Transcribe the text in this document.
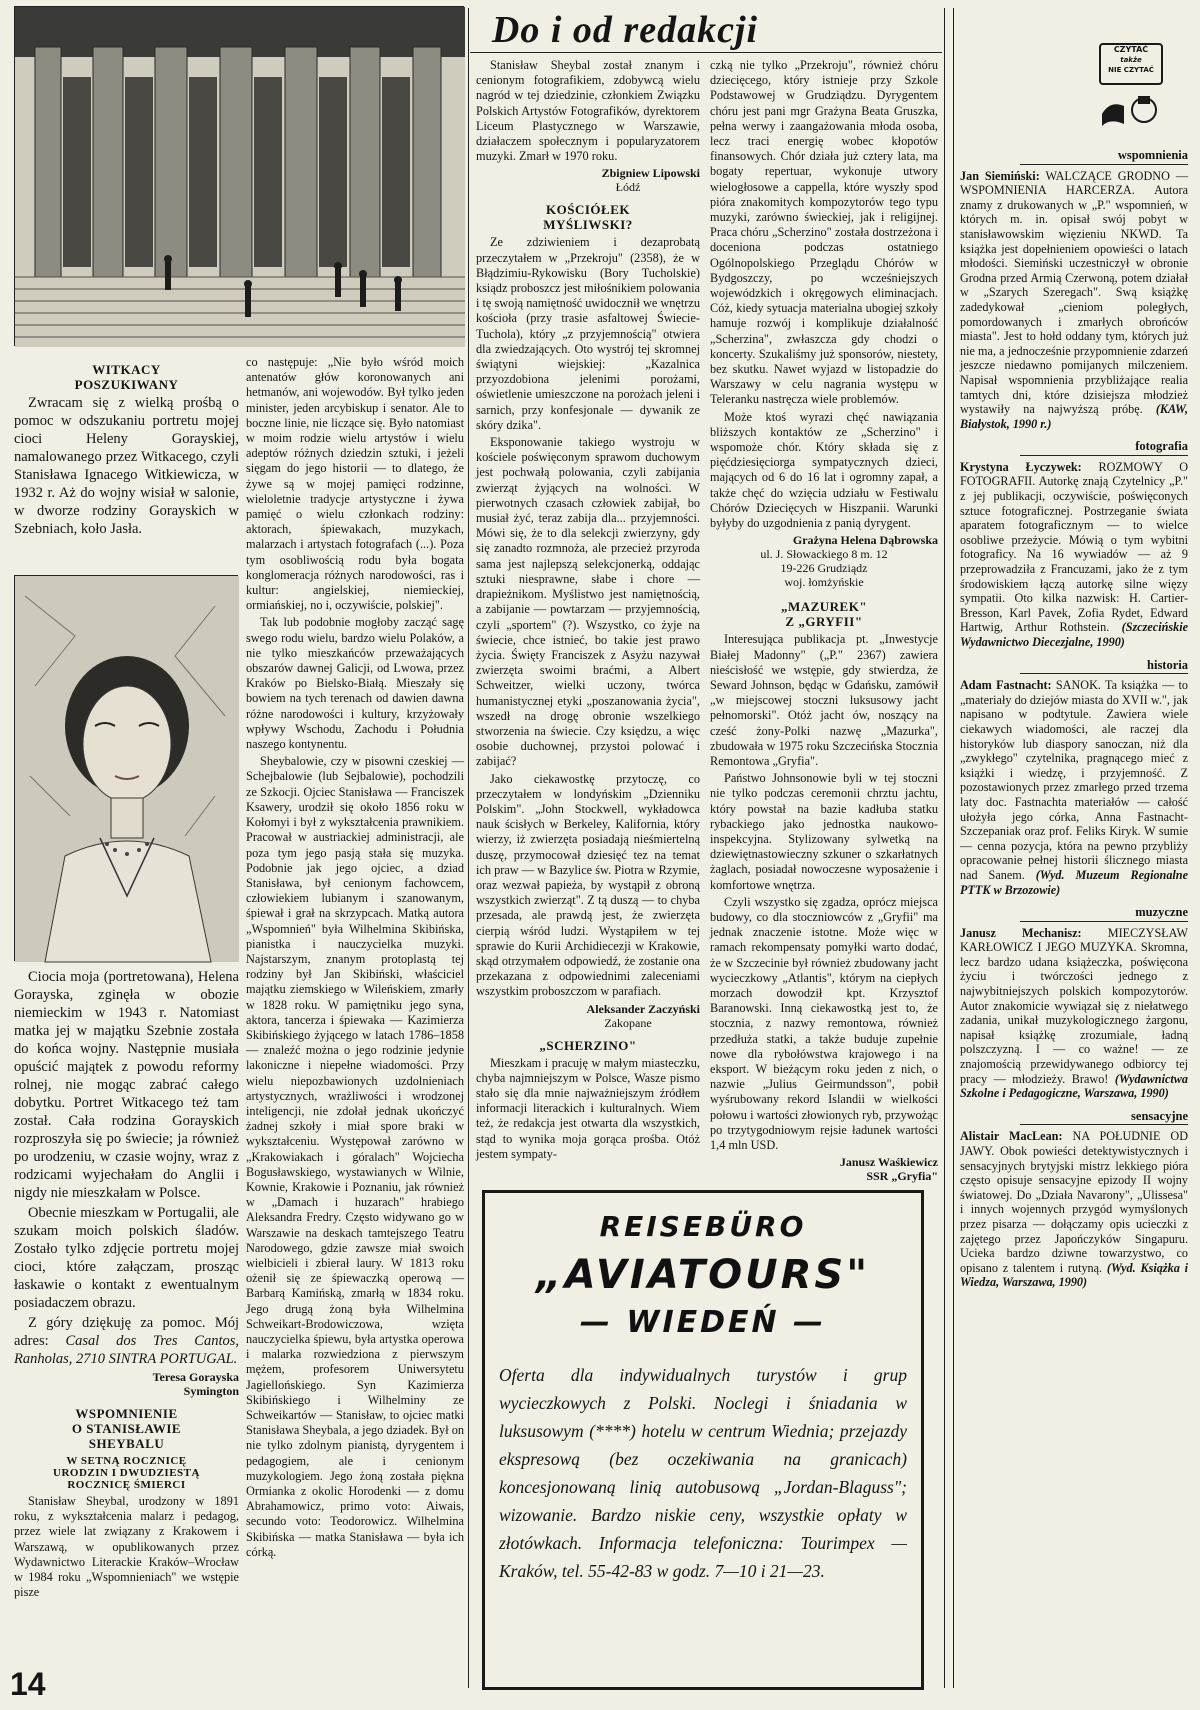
Do i od redakcji
WITKACY
POSZUKIWANY

Zwracam się z wielką prośbą o pomoc w odszukaniu portretu mojej cioci Heleny Gorayskiej, namalowanego przez Witkacego, czyli Stanisława Ignacego Witkiewicza, w 1932 r. Aż do wojny wisiał w salonie, w dworze rodziny Gorayskich w Szebniach, koło Jasła.

Ciocia moja (portretowana), Helena Gorayska, zginęła w obozie niemieckim w 1943 r. Natomiast matka jej w majątku Szebnie została do końca wojny. Następnie musiała opuścić majątek z powodu reformy rolnej, nie mogąc zabrać całego dobytku. Portret Witkacego też tam został. Cała rodzina Gorayskich rozproszyła się po świecie; ja również po urodzeniu, w czasie wojny, wraz z rodzicami wyjechałam do Anglii i nigdy nie mieszkałam w Polsce.

Obecnie mieszkam w Portugalii, ale szukam moich polskich śladów. Zostało tylko zdjęcie portretu mojej cioci, które załączam, prosząc łaskawie o kontakt z ewentualnym posiadaczem obrazu.

Z góry dziękuję za pomoc. Mój adres: Casal dos Tres Cantos, Ranholas, 2710 SINTRA PORTUGAL.

Teresa Gorayska
Symington
WSPOMNIENIE
O STANISŁAWIE
SHEYBALU
W SETNĄ ROCZNICĘ
URODZIN I DWUDZIESTĄ
ROCZNICĘ ŚMIERCI

Stanisław Sheybal, urodzony w 1891 roku, z wykształcenia malarz i pedagog, przez wiele lat związany z Krakowem i Warszawą, w opublikowanych przez Wydawnictwo Literackie Kraków–Wrocław w 1984 roku „Wspomnieniach" we wstępie pisze

co następuje: „Nie było wśród moich antenatów głów koronowanych ani hetmanów, ani wojewodów. Był tylko jeden minister, jeden arcybiskup i senator. Ale to boczne linie, nie liczące się. Było natomiast w moim rodzie wielu artystów i wielu adeptów różnych dziedzin sztuki, i jeżeli sięgam do jego historii — to dlatego, że żywe są w mojej pamięci rodzinne, wieloletnie tradycje artystyczne i żywa pamięć o wielu członkach rodziny: aktorach, śpiewakach, muzykach, malarzach i artystach fotografach (...). Poza tym osobliwością rodu była bogata konglomeracja różnych narodowości, ras i kultur: angielskiej, niemieckiej, ormiańskiej, no i, oczywiście, polskiej".

Tak lub podobnie mogłoby zacząć sagę swego rodu wielu, bardzo wielu Polaków, a nie tylko mieszkańców przeważających obszarów dawnej Galicji, od Lwowa, przez Kraków po Bielsko-Białą. Mieszały się bowiem na tych terenach od dawien dawna różne narodowości i kultury, krzyżowały wpływy Wschodu, Zachodu i Południa naszego kontynentu.

Sheybalowie, czy w pisowni czeskiej — Schejbalowie (lub Sejbalowie), pochodzili ze Szkocji. Ojciec Stanisława — Franciszek Ksawery, urodził się około 1856 roku w Kołomyi i był z wykształcenia prawnikiem. Pracował w austriackiej administracji, ale poza tym jego pasją stała się muzyka. Podobnie jak jego ojciec, a dziad Stanisława, był cenionym fachowcem, człowiekiem lubianym i szanowanym, śpiewał i grał na skrzypcach. Matką autora „Wspomnień" była Wilhelmina Skibińska, pianistka i nauczycielka muzyki. Najstarszym, znanym protoplastą tej rodziny był Jan Skibiński, właściciel majątku ziemskiego w Wileńskiem, zmarły w 1828 roku. W pamiętniku jego syna, aktora, tancerza i śpiewaka — Kazimierza Skibińskiego żyjącego w latach 1786–1858 — znaleźć można o jego rodzinie jedynie lakoniczne i niepełne wiadomości. Przy wielu niepozbawionych uzdolnieniach artystycznych, wrażliwości i wrodzonej inteligencji, nie zdołał jednak ukończyć żadnej szkoły i miał spore braki w wykształceniu. Występował zarówno w „Krakowiakach i góralach" Wojciecha Bogusławskiego, wystawianych w Wilnie, Kownie, Krakowie i Poznaniu, jak również w „Damach i huzarach" hrabiego Aleksandra Fredry. Często widywano go w Warszawie na deskach tamtejszego Teatru Narodowego, gdzie zawsze miał swoich wielbicieli i zbierał laury. W 1813 roku ożenił się ze śpiewaczką operową — Barbarą Kamińską, zmarłą w 1834 roku. Jego drugą żoną była Wilhelmina Schweikart-Brodowiczowa, wzięta nauczycielka śpiewu, była artystka operowa i malarka rozwiedziona z pierwszym mężem, profesorem Uniwersytetu Jagiellońskiego. Syn Kazimierza Skibińskiego i Wilhelminy ze Schweikartów — Stanisław, to ojciec matki Stanisława Sheybala, a jego dziadek. Był on nie tylko zdolnym pianistą, dyrygentem i pedagogiem, ale i cenionym muzykologiem. Jego żoną została piękna Ormianka z okolic Horodenki — z domu Abrahamowicz, primo voto: Aiwais, secundo voto: Teodorowicz. Wilhelmina Skibińska — matka Stanisława — była ich córką.

Stanisław Sheybal został znanym i cenionym fotografikiem, zdobywcą wielu nagród w tej dziedzinie, członkiem Związku Polskich Artystów Fotografików, dyrektorem Liceum Plastycznego w Warszawie, działaczem społecznym i popularyzatorem muzyki. Zmarł w 1970 roku.

Zbigniew Lipowski
Łódź
KOŚCIÓŁEK
MYŚLIWSKI?

Ze zdziwieniem i dezaprobatą przeczytałem w „Przekroju" (2358), że w Błądzimiu-Rykowisku (Bory Tucholskie) ksiądz proboszcz jest miłośnikiem polowania i tę swoją namiętność uwidocznił we wnętrzu kościoła (przy trasie asfaltowej Świecie-Tuchola), który „z przyjemnością" otwiera dla zwiedzających. Oto wystrój tej skromnej świątyni wiejskiej: „Kazalnica przyozdobiona jelenimi porożami, oświetlenie umieszczone na porożach jeleni i sarnich, przy konfesjonale — dywanik ze skóry dzika".

Eksponowanie takiego wystroju w kościele poświęconym sprawom duchowym jest pochwałą polowania, czyli zabijania zwierząt żyjących na wolności. W pierwotnych czasach człowiek zabijał, bo musiał żyć, teraz zabija dla... przyjemności. Mówi się, że to dla selekcji zwierzyny, gdy się zanadto rozmnoża, ale przecież przyroda sama jest najlepszą selekcjonerką, oddając sztuki niesprawne, słabe i chore — drapieżnikom. Myślistwo jest namiętnością, a zabijanie — powtarzam — przyjemnością, czyli „sportem" (?). Wszystko, co żyje na świecie, chce istnieć, bo takie jest prawo życia. Święty Franciszek z Asyżu nazywał zwierzęta swoimi braćmi, a Albert Schweitzer, wielki uczony, twórca humanistycznej etyki „poszanowania życia", wszedł na drogę obronie wszelkiego stworzenia na świecie. Czy księdzu, a więc osobie duchownej, przystoi polować i zabijać?

Jako ciekawostkę przytoczę, co przeczytałem w londyńskim „Dzienniku Polskim". „John Stockwell, wykładowca nauk ścisłych w Berkeley, Kalifornia, który wierzy, iż zwierzęta posiadają nieśmiertelną duszę, przymocował dziesięć tez na temat ich praw — w Bazylice św. Piotra w Rzymie, oraz wezwał papieża, by wystąpił z obroną wszystkich zwierząt". Z tą duszą — to chyba przesada, ale prawdą jest, że zwierzęta cierpią wśród ludzi. Wystąpiłem w tej sprawie do Kurii Archidiecezji w Krakowie, skąd otrzymałem odpowiedź, że zostanie ona przekazana z odpowiednimi zaleceniami wszystkim proboszczom w parafiach.

Aleksander Zaczyński
Zakopane
„SCHERZINO"

Mieszkam i pracuję w małym miasteczku, chyba najmniejszym w Polsce, Wasze pismo stało się dla mnie najważniejszym źródłem informacji literackich i kulturalnych. Wiem też, że redakcja jest otwarta dla wszystkich, stąd to wynika moja gorąca prośba. Otóż jestem sympaty-

czką nie tylko „Przekroju", również chóru dziecięcego, który istnieje przy Szkole Podstawowej w Grudziądzu. Dyrygentem chóru jest pani mgr Grażyna Beata Gruszka, pełna werwy i zaangażowania młoda osoba, lecz traci energię wobec kłopotów finansowych. Chór działa już cztery lata, ma bogaty repertuar, wykonuje utwory wielogłosowe a cappella, które wyszły spod pióra znakomitych kompozytorów tego typu muzyki, zarówno świeckiej, jak i religijnej. Praca chóru „Scherzino" została dostrzeżona i doceniona podczas ostatniego Ogólnopolskiego Przeglądu Chórów w Bydgoszczy, po wcześniejszych wojewódzkich i okręgowych eliminacjach. Cóż, kiedy sytuacja materialna ubogiej szkoły hamuje rozwój i komplikuje działalność „Scherzina", zwłaszcza gdy chodzi o koncerty. Szukaliśmy już sponsorów, niestety, bez skutku. Nawet wyjazd w listopadzie do Warszawy w celu nagrania występu w Teleranku nastręcza wiele problemów.

Może ktoś wyrazi chęć nawiązania bliższych kontaktów ze „Scherzino" i wspomoże chór. Który składa się z pięćdziesięciorga sympatycznych dzieci, mających od 6 do 16 lat i ogromny zapał, a także chęć do wzięcia udziału w Festiwalu Chórów Dziecięcych w Hiszpanii. Warunki byłyby do uzgodnienia z panią dyrygent.

Grażyna Helena Dąbrowska
ul. J. Słowackiego 8 m. 12
19-226 Grudziądz
woj. łomżyńskie
„MAZUREK"
Z „GRYFII"

Interesująca publikacja pt. „Inwestycje Białej Madonny" („P." 2367) zawiera nieścisłość we wstępie, gdy stwierdza, że Seward Johnson, będąc w Gdańsku, zamówił „w miejscowej stoczni luksusowy jacht pełnomorski". Otóż jacht ów, noszący na cześć żony-Polki nazwę „Mazurka", zbudowała w 1975 roku Szczecińska Stocznia Remontowa „Gryfia".

Państwo Johnsonowie byli w tej stoczni nie tylko podczas ceremonii chrztu jachtu, który powstał na bazie kadłuba statku rybackiego jako jednostka naukowo-inspekcyjna. Stylizowany sylwetką na dziewiętnastowieczny szkuner o szkarłatnych żaglach, posiadał nowoczesne wyposażenie i komfortowe wnętrza.

Czyli wszystko się zgadza, oprócz miejsca budowy, co dla stoczniowców z „Gryfii" ma jednak znaczenie istotne. Może więc w ramach rekompensaty pomyłki warto dodać, że w Szczecinie był również zbudowany jacht wycieczkowy „Atlantis", którym na ciepłych morzach dowodził kpt. Krzysztof Baranowski. Inną ciekawostką jest to, że stocznia, z nazwy remontowa, również przedłuża statki, a także buduje zupełnie nowe dla rybołówstwa krajowego i na eksport. W bieżącym roku jeden z nich, o nazwie „Julius Geirmundsson", pobił wyśrubowany rekord Islandii w wielkości połowu i wartości złowionych ryb, przywożąc po trzytygodniowym rejsie ładunek wartości 1,4 mln USD.

Janusz Waśkiewicz
SSR „Gryfia"
REISEBÜRO
„AVIATOURS"
— WIEDEŃ —
Oferta dla indywidualnych turystów i grup wycieczkowych z Polski. Noclegi i śniadania w luksusowym (****) hotelu w centrum Wiednia; przejazdy ekspresową (bez oczekiwania na granicach) koncesjonowaną linią autobusową „Jordan-Blaguss"; wizowanie. Bardzo niskie ceny, wszystkie opłaty w złotówkach. Informacja telefoniczna: Tourimpex — Kraków, tel. 55-42-83 w godz. 7—10 i 21—23.
CZYTAĆ
także
NIE CZYTAĆ
wspomnienia
Jan Siemiński: WALCZĄCE GRODNO — WSPOMNIENIA HARCERZA. Autora znamy z drukowanych w „P." wspomnień, w których m. in. opisał swój pobyt w stanisławowskim więzieniu NKWD. Ta książka jest dopełnieniem opowieści o latach młodości. Siemiński uczestniczył w obronie Grodna przed Armią Czerwoną, potem działał w „Szarych Szeregach". Swą książkę zadedykował „cieniom poległych, pomordowanych i zmarłych obrońców miasta". Jest to hołd oddany tym, których już nie ma, a jednocześnie przypomnienie zdarzeń jeszcze niedawno pomijanych milczeniem. Napisał wspomnienia przybliżające realia tamtych dni, które dzisiejsza młodzież wystawiły na najwyższą próbę. (KAW, Białystok, 1990 r.)
fotografia
Krystyna Łyczywek: ROZMOWY O FOTOGRAFII. Autorkę znają Czytelnicy „P." z jej publikacji, oczywiście, poświęconych sztuce fotograficznej. Postrzeganie świata aparatem fotograficznym — to wielce osobliwe przeżycie. Mówią o tym wybitni fotograficy. Na 16 wywiadów — aż 9 przeprowadziła z Francuzami, jako że z tym środowiskiem łączą autorkę silne więzy sympatii. Oto kilka nazwisk: H. Cartier-Bresson, Karl Pavek, Zofia Rydet, Edward Hartwig, Arthur Rothstein. (Szczecińskie Wydawnictwo Diecezjalne, 1990)
historia
Adam Fastnacht: SANOK. Ta książka — to „materiały do dziejów miasta do XVII w.", jak napisano w podtytule. Zawiera wiele ciekawych wiadomości, ale raczej dla historyków lub diaspory sanoczan, niż dla „zwykłego" czytelnika, pragnącego mieć z książki i wiedzę, i przyjemność. Z pozostawionych przez zmarłego przed trzema laty doc. Fastnachta materiałów — całość ułożyła jego córka, Anna Fastnacht-Szczepaniak oraz prof. Feliks Kiryk. W sumie — cenna pozycja, która na pewno przybliży opracowanie pełnej historii ślicznego miasta nad Sanem. (Wyd. Muzeum Regionalne PTTK w Brzozowie)
muzyczne
Janusz Mechanisz: MIECZYSŁAW KARŁOWICZ I JEGO MUZYKA. Skromna, lecz bardzo udana książeczka, poświęcona życiu i twórczości jednego z najwybitniejszych polskich kompozytorów. Autor znakomicie wywiązał się z niełatwego zadania, unikał muzykologicznego żargonu, napisał książkę zrozumiale, ładną polszczyzną. I — co ważne! — ze znajomością przewidywanego odbiorcy tej pracy — młodzieży. Brawo! (Wydawnictwa Szkolne i Pedagogiczne, Warszawa, 1990)
sensacyjne
Alistair MacLean: NA POŁUDNIE OD JAWY. Obok powieści detektywistycznych i sensacyjnych brytyjski mistrz lekkiego pióra często opisuje sensacyjne epizody II wojny światowej. Do „Działa Navarony", „Ulissesa" i innych wojennych przygód wymyślonych przez pisarza — dołączamy opis ucieczki z zajętego przez Japończyków Singapuru. Ucieka bardzo dziwne towarzystwo, co opisano z talentem i rutyną. (Wyd. Książka i Wiedza, Warszawa, 1990)
14
